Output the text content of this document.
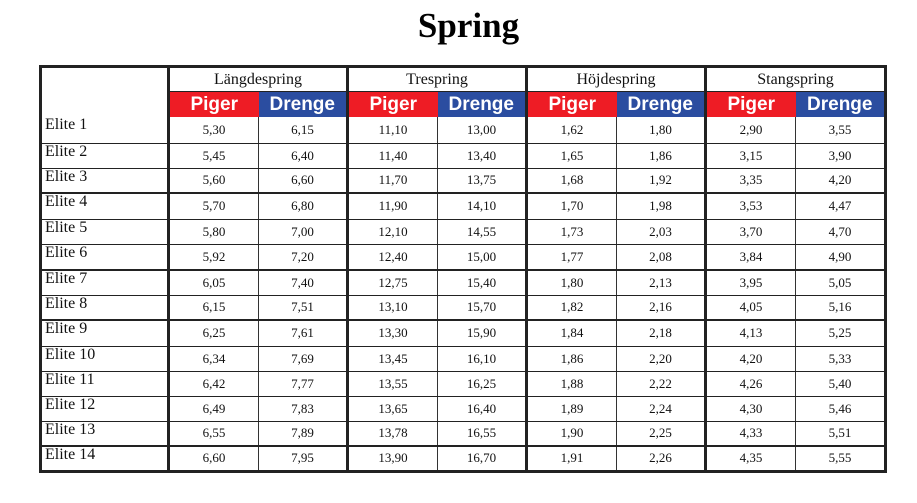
Spring
	Längdespring		Trespring		Höjdespring		Stangspring	
	Piger	Drenge	Piger	Drenge	Piger	Drenge	Piger	Drenge
Elite 1	5,30	6,15	11,10	13,00	1,62	1,80	2,90	3,55
Elite 2	5,45	6,40	11,40	13,40	1,65	1,86	3,15	3,90
Elite 3	5,60	6,60	11,70	13,75	1,68	1,92	3,35	4,20
Elite 4	5,70	6,80	11,90	14,10	1,70	1,98	3,53	4,47
Elite 5	5,80	7,00	12,10	14,55	1,73	2,03	3,70	4,70
Elite 6	5,92	7,20	12,40	15,00	1,77	2,08	3,84	4,90
Elite 7	6,05	7,40	12,75	15,40	1,80	2,13	3,95	5,05
Elite 8	6,15	7,51	13,10	15,70	1,82	2,16	4,05	5,16
Elite 9	6,25	7,61	13,30	15,90	1,84	2,18	4,13	5,25
Elite 10	6,34	7,69	13,45	16,10	1,86	2,20	4,20	5,33
Elite 11	6,42	7,77	13,55	16,25	1,88	2,22	4,26	5,40
Elite 12	6,49	7,83	13,65	16,40	1,89	2,24	4,30	5,46
Elite 13	6,55	7,89	13,78	16,55	1,90	2,25	4,33	5,51
Elite 14	6,60	7,95	13,90	16,70	1,91	2,26	4,35	5,55
